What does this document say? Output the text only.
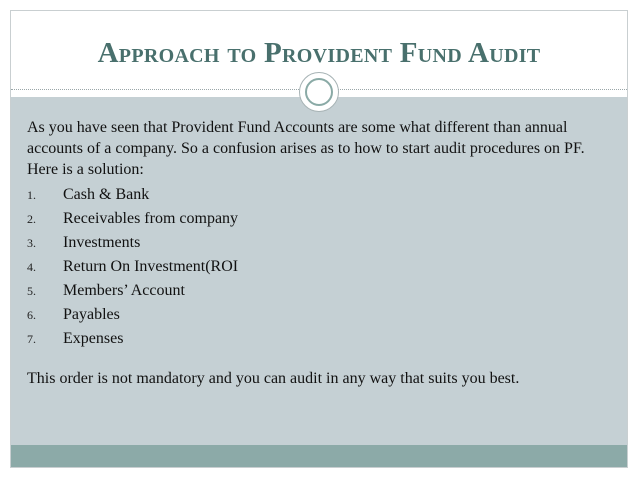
Approach to Provident Fund Audit

As you have seen that Provident Fund Accounts are some what different than annual accounts of a company. So a confusion arises as to how to start audit procedures on PF. Here is a solution:

1. Cash & Bank
2. Receivables from company
3. Investments
4. Return On Investment(ROI
5. Members’ Account
6. Payables
7. Expenses

This order is not mandatory and you can audit in any way that suits you best.
